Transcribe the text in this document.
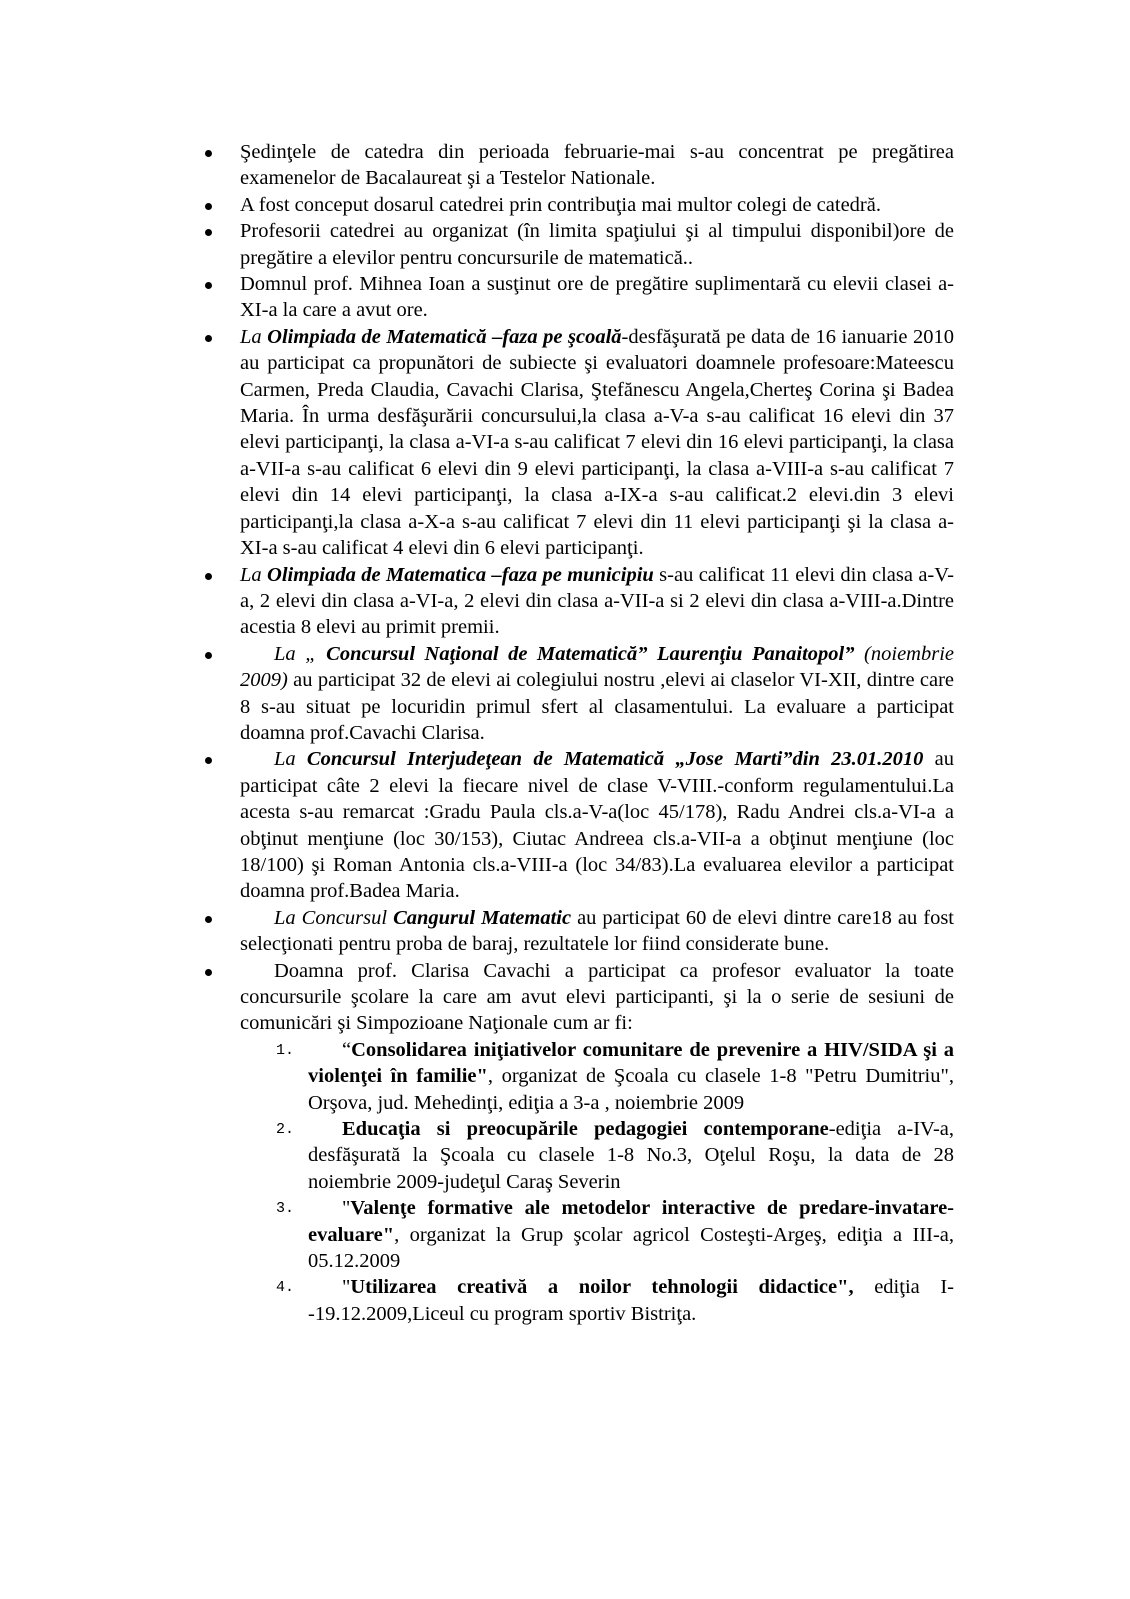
Şedinţele de catedra din perioada februarie-mai s-au concentrat pe pregătirea examenelor de Bacalaureat şi a Testelor Nationale.
A fost conceput dosarul catedrei prin contribuţia mai multor colegi de catedră.
Profesorii catedrei au organizat (în limita spaţiului şi al timpului disponibil)ore de pregătire a elevilor pentru concursurile de matematică..
Domnul prof. Mihnea Ioan a susţinut ore de pregătire suplimentară cu elevii clasei a-XI-a la care a avut ore.
La Olimpiada de Matematică –faza pe şcoală-desfăşurată pe data de 16 ianuarie 2010 au participat ca propunători de subiecte şi evaluatori doamnele profesoare:Mateescu Carmen, Preda Claudia, Cavachi Clarisa, Ştefănescu Angela,Cherteş Corina şi Badea Maria. În urma desfăşurării concursului,la clasa a-V-a s-au calificat 16 elevi din 37 elevi participanţi, la clasa a-VI-a s-au calificat 7 elevi din 16 elevi participanţi, la clasa a-VII-a s-au calificat 6 elevi din 9 elevi participanţi, la clasa a-VIII-a s-au calificat 7 elevi din 14 elevi participanţi, la clasa a-IX-a s-au calificat.2 elevi.din 3 elevi participanţi,la clasa a-X-a s-au calificat 7 elevi din 11 elevi participanţi şi la clasa a-XI-a s-au calificat 4 elevi din 6 elevi participanţi.
La Olimpiada de Matematica –faza pe municipiu s-au calificat 11 elevi din clasa a-V-a, 2 elevi din clasa a-VI-a, 2 elevi din clasa a-VII-a si 2 elevi din clasa a-VIII-a.Dintre acestia 8 elevi au primit premii.
La „ Concursul Naţional de Matematică” Laurenţiu Panaitopol” (noiembrie 2009) au participat 32 de elevi ai colegiului nostru ,elevi ai claselor VI-XII, dintre care 8 s-au situat pe locuridin primul sfert al clasamentului. La evaluare a participat doamna prof.Cavachi Clarisa.
La Concursul Interjudeţean de Matematică „Jose Marti”din 23.01.2010 au participat câte 2 elevi la fiecare nivel de clase V-VIII.-conform regulamentului.La acesta s-au remarcat :Gradu Paula cls.a-V-a(loc 45/178), Radu Andrei cls.a-VI-a a obţinut menţiune (loc 30/153), Ciutac Andreea cls.a-VII-a a obţinut menţiune (loc 18/100) şi Roman Antonia cls.a-VIII-a (loc 34/83).La evaluarea elevilor a participat doamna prof.Badea Maria.
La Concursul Cangurul Matematic au participat 60 de elevi dintre care18 au fost selecţionati pentru proba de baraj, rezultatele lor fiind considerate bune.
Doamna prof. Clarisa Cavachi a participat ca profesor evaluator la toate concursurile şcolare la care am avut elevi participanti, şi la o serie de sesiuni de comunicări şi Simpozioane Naţionale cum ar fi:
1.	“Consolidarea iniţiativelor comunitare de prevenire a HIV/SIDA şi a violenţei în familie", organizat de Şcoala cu clasele 1-8 "Petru Dumitriu", Orşova, jud. Mehedinţi, ediţia a 3-a , noiembrie 2009
2.	Educaţia si preocupările pedagogiei contemporane-ediţia a-IV-a, desfăşurată la Şcoala cu clasele 1-8 No.3, Oţelul Roşu, la data de 28 noiembrie 2009-judeţul Caraş Severin
3.	"Valenţe formative ale metodelor interactive de predare-invatare-evaluare", organizat la Grup şcolar agricol Costeşti-Argeş, ediţia a III-a, 05.12.2009
4.	"Utilizarea creativă a noilor tehnologii didactice", ediţia I--19.12.2009,Liceul cu program sportiv Bistriţa.
